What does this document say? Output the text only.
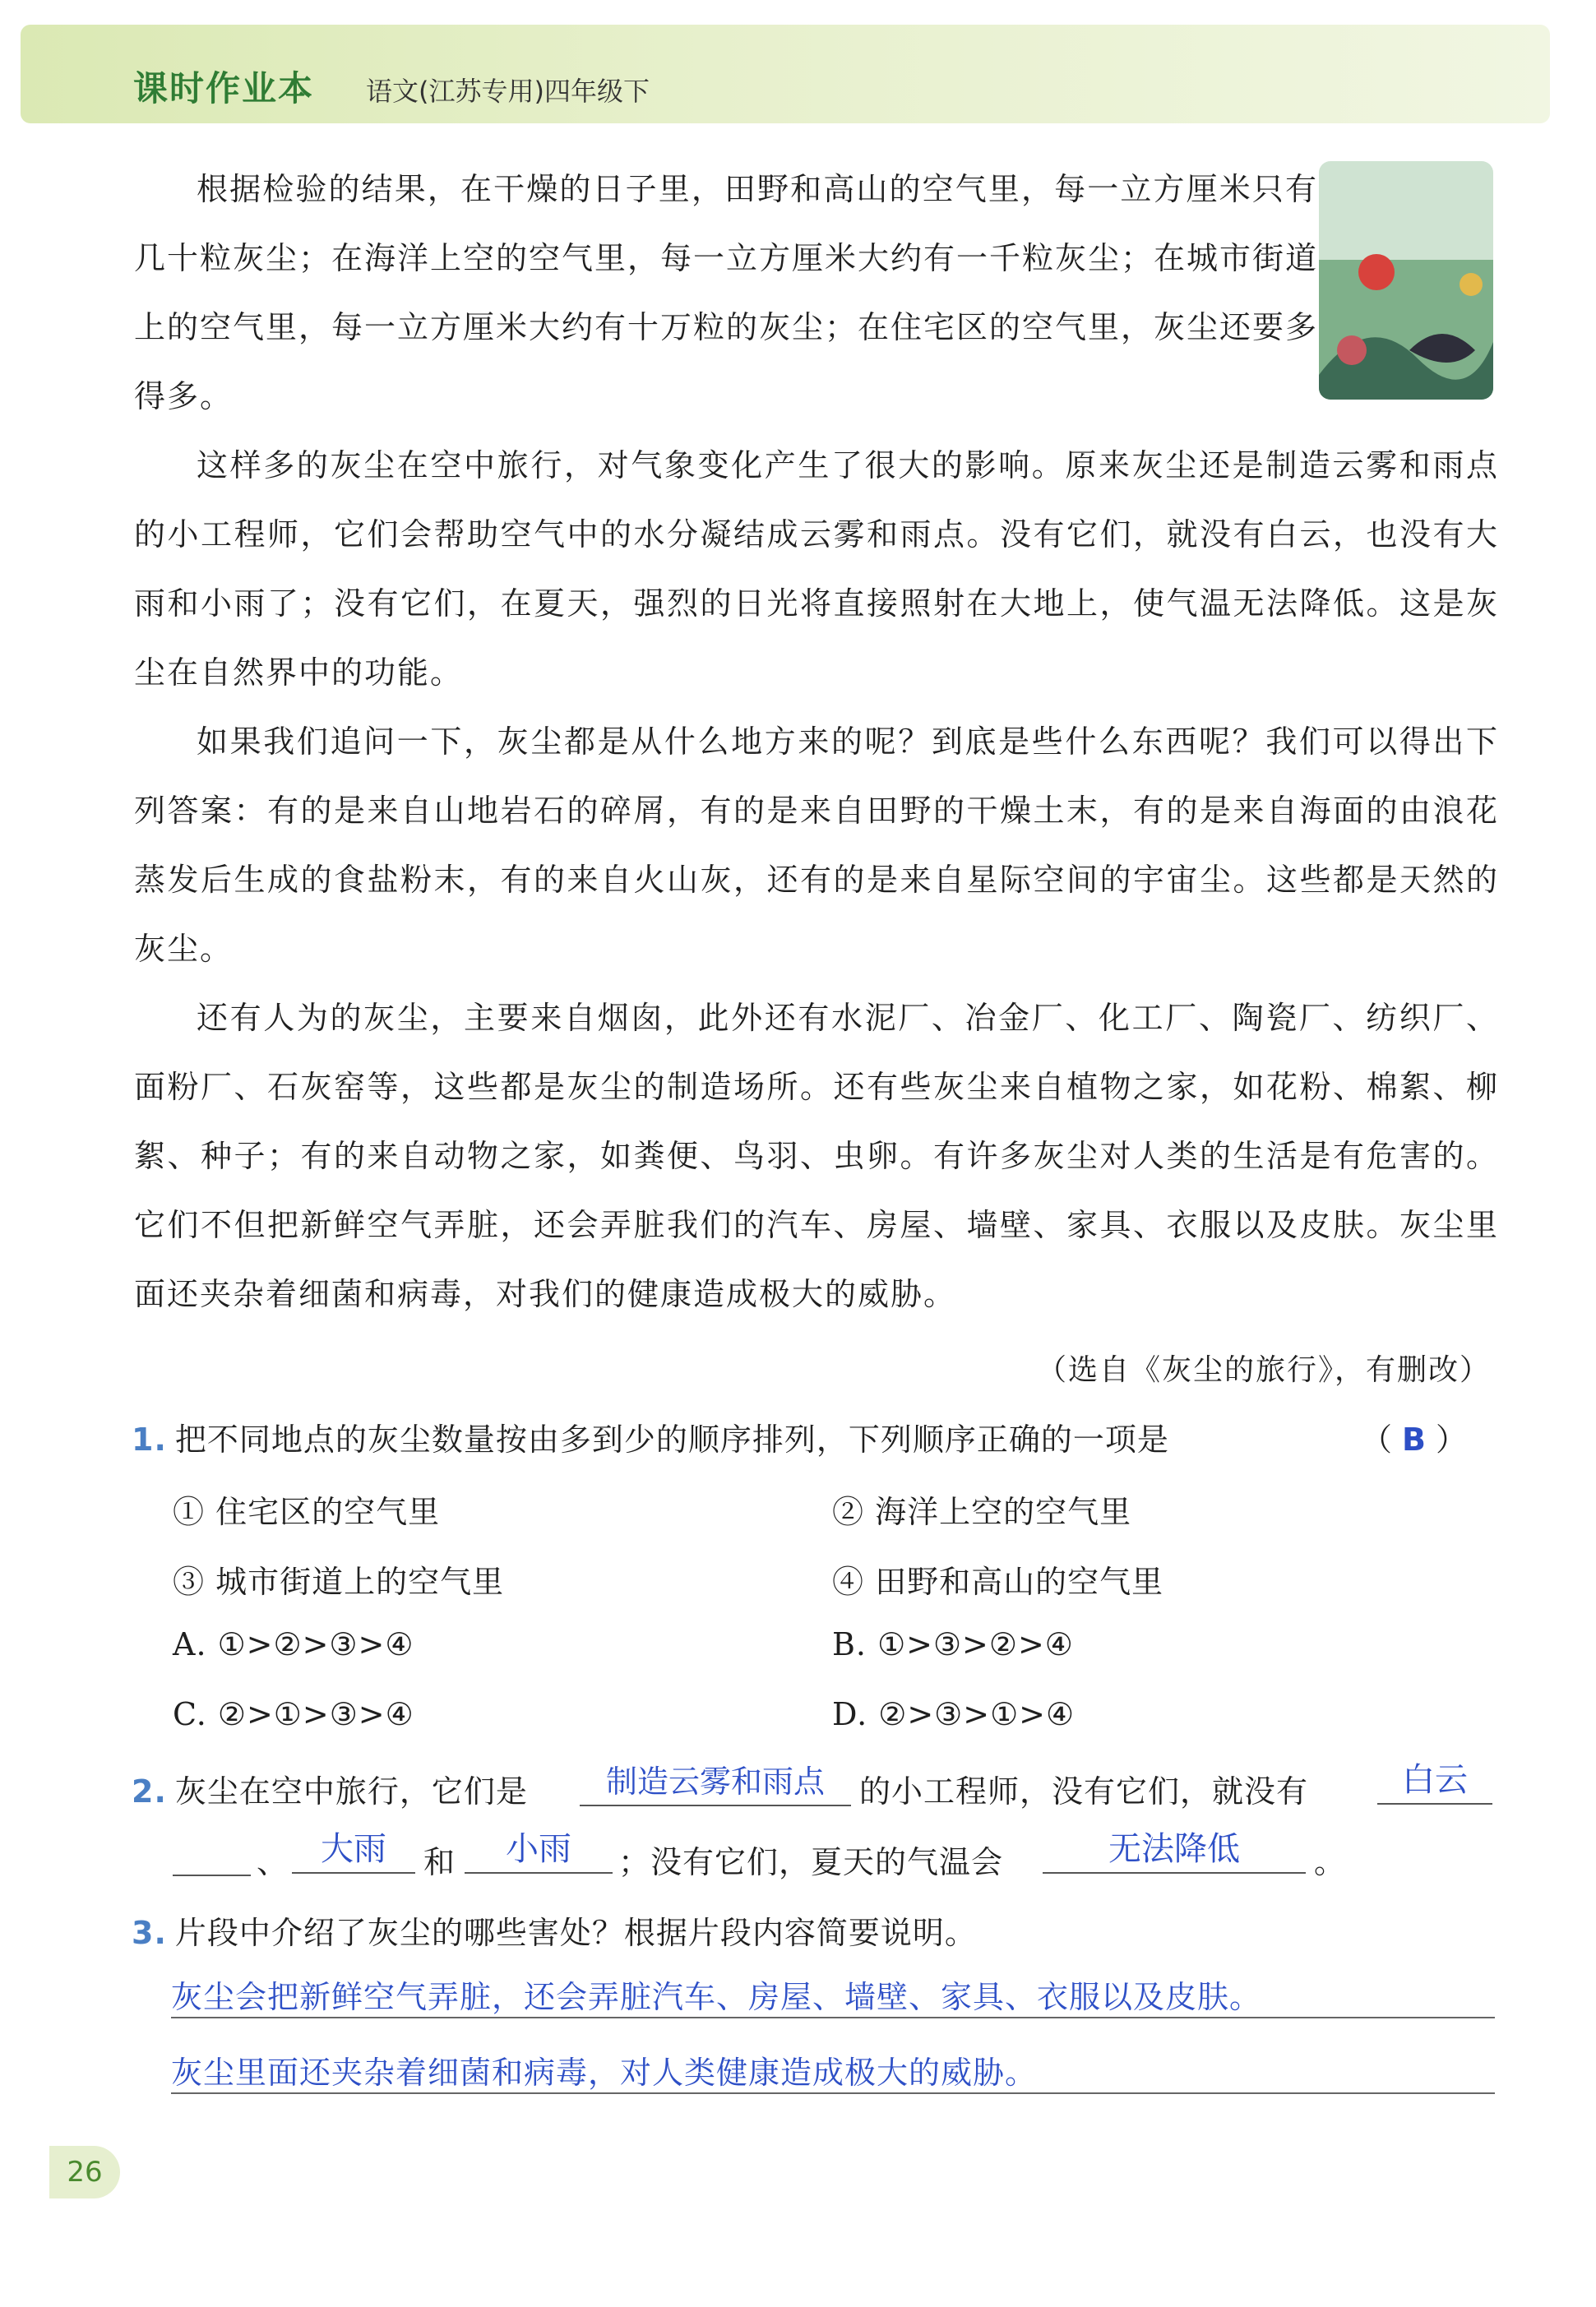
课时作业本 语文(江苏专用)四年级下

根据检验的结果，在干燥的日子里，田野和高山的空气里，每一立方厘米只有几十粒灰尘；在海洋上空的空气里，每一立方厘米大约有一千粒灰尘；在城市街道上的空气里，每一立方厘米大约有十万粒的灰尘；在住宅区的空气里，灰尘还要多得多。

这样多的灰尘在空中旅行，对气象变化产生了很大的影响。原来灰尘还是制造云雾和雨点的小工程师，它们会帮助空气中的水分凝结成云雾和雨点。没有它们，就没有白云，也没有大雨和小雨了；没有它们，在夏天，强烈的日光将直接照射在大地上，使气温无法降低。这是灰尘在自然界中的功能。

如果我们追问一下，灰尘都是从什么地方来的呢？到底是些什么东西呢？我们可以得出下列答案：有的是来自山地岩石的碎屑，有的是来自田野的干燥土末，有的是来自海面的由浪花蒸发后生成的食盐粉末，有的来自火山灰，还有的是来自星际空间的宇宙尘。这些都是天然的灰尘。

还有人为的灰尘，主要来自烟囱，此外还有水泥厂、冶金厂、化工厂、陶瓷厂、纺织厂、面粉厂、石灰窑等，这些都是灰尘的制造场所。还有些灰尘来自植物之家，如花粉、棉絮、柳絮、种子；有的来自动物之家，如粪便、鸟羽、虫卵。有许多灰尘对人类的生活是有危害的。它们不但把新鲜空气弄脏，还会弄脏我们的汽车、房屋、墙壁、家具、衣服以及皮肤。灰尘里面还夹杂着细菌和病毒，对我们的健康造成极大的威胁。

（选自《灰尘的旅行》，有删改）
1. 把不同地点的灰尘数量按由多到少的顺序排列，下列顺序正确的一项是	（ B ）
① 住宅区的空气里	② 海洋上空的空气里
③ 城市街道上的空气里	④ 田野和高山的空气里
A. ①>②>③>④	B. ①>③>②>④
C. ②>①>③>④	D. ②>③>①>④
2. 灰尘在空中旅行，它们是	制造云雾和雨点	的小工程师，没有它们，就没有	白云
、 大雨	和	小雨	；没有它们，夏天的气温会	无法降低	。
3. 片段中介绍了灰尘的哪些害处？根据片段内容简要说明。
灰尘会把新鲜空气弄脏，还会弄脏汽车、房屋、墙壁、家具、衣服以及皮肤。
灰尘里面还夹杂着细菌和病毒，对人类健康造成极大的威胁。
26
